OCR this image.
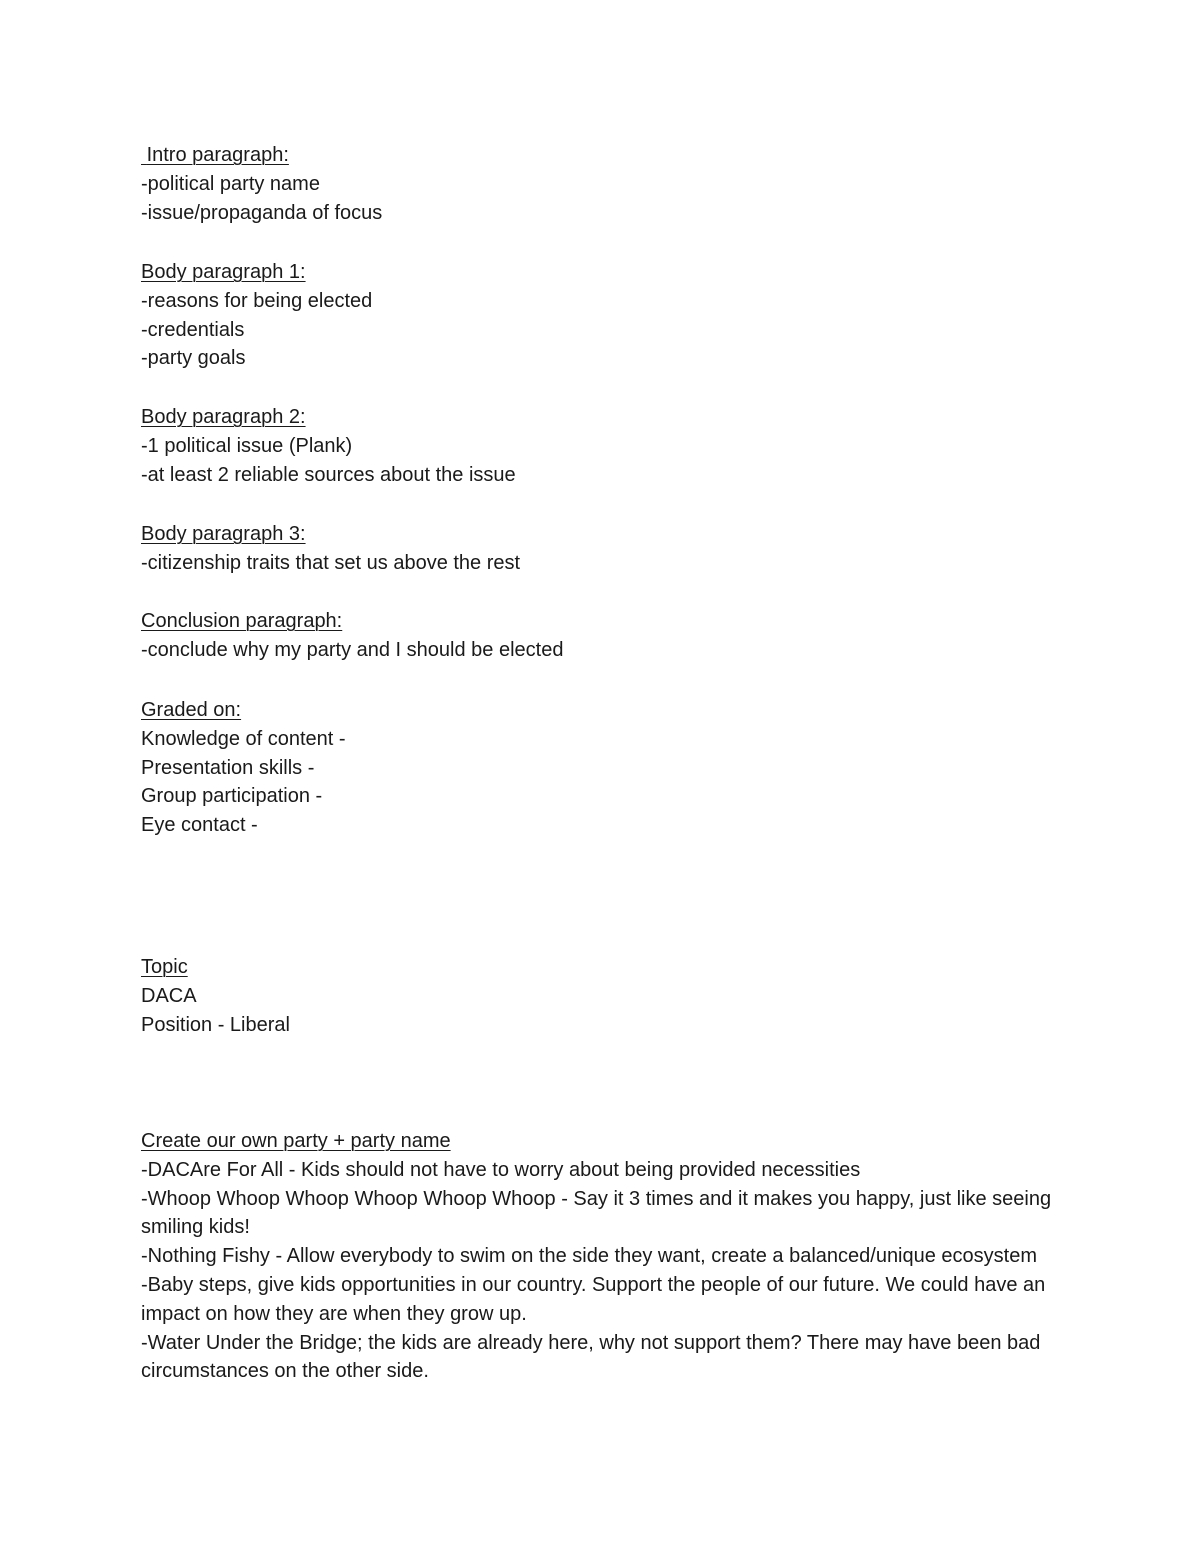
Intro paragraph:

-political party name

-issue/propaganda of focus

Body paragraph 1:

-reasons for being elected

-credentials

-party goals

Body paragraph 2:

-1 political issue (Plank)

-at least 2 reliable sources about the issue

Body paragraph 3:

-citizenship traits that set us above the rest

Conclusion paragraph:

-conclude why my party and I should be elected

Graded on:

Knowledge of content -

Presentation skills -

Group participation -

Eye contact -

Topic

DACA

Position - Liberal

Create our own party + party name

-DACAre For All - Kids should not have to worry about being provided necessities

-Whoop Whoop Whoop Whoop Whoop Whoop - Say it 3 times and it makes you happy, just like seeing smiling kids!

-Nothing Fishy - Allow everybody to swim on the side they want, create a balanced/unique ecosystem

-Baby steps, give kids opportunities in our country. Support the people of our future. We could have an impact on how they are when they grow up.

-Water Under the Bridge; the kids are already here, why not support them? There may have been bad circumstances on the other side.
